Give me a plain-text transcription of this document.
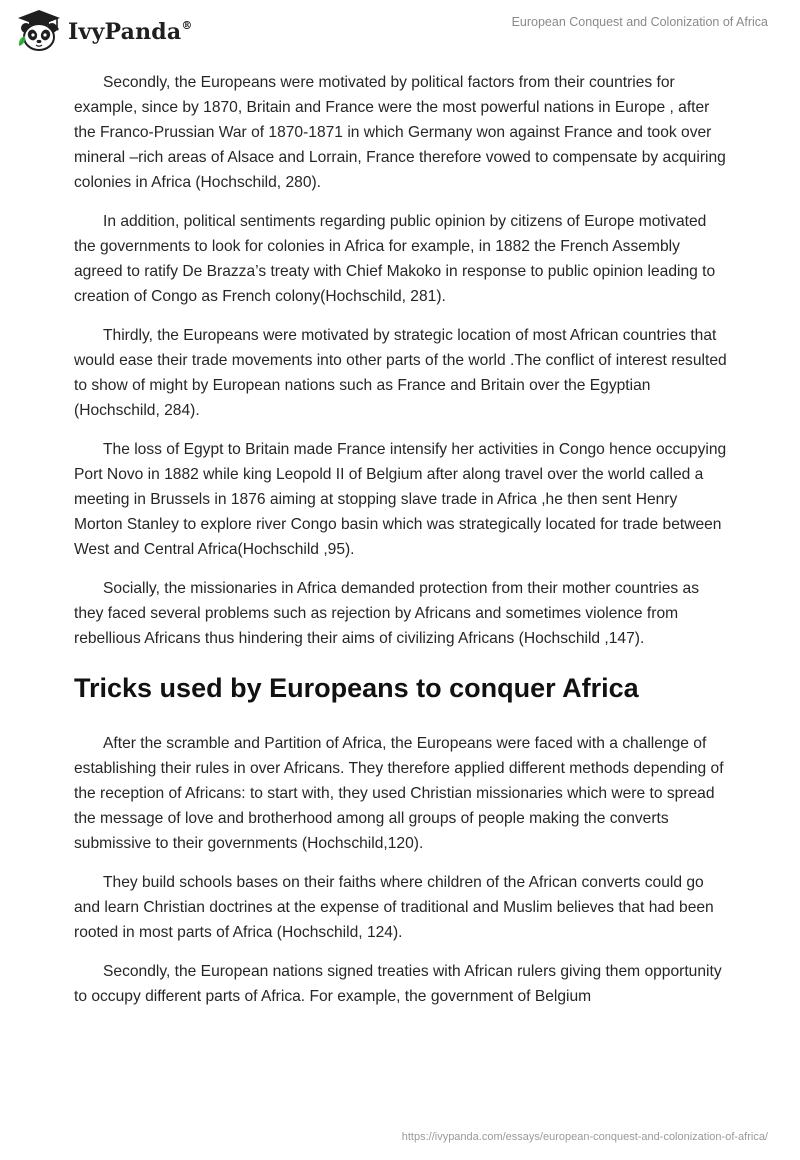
IvyPanda®	European Conquest and Colonization of Africa

Secondly, the Europeans were motivated by political factors from their countries for example, since by 1870, Britain and France were the most powerful nations in Europe , after the Franco-Prussian War of 1870-1871 in which Germany won against France and took over mineral –rich areas of Alsace and Lorrain, France therefore vowed to compensate by acquiring colonies in Africa (Hochschild, 280).

In addition, political sentiments regarding public opinion by citizens of Europe motivated the governments to look for colonies in Africa for example, in 1882 the French Assembly agreed to ratify De Brazza’s treaty with Chief Makoko in response to public opinion leading to creation of Congo as French colony(Hochschild, 281).

Thirdly, the Europeans were motivated by strategic location of most African countries that would ease their trade movements into other parts of the world .The conflict of interest resulted to show of might by European nations such as France and Britain over the Egyptian (Hochschild, 284).

The loss of Egypt to Britain made France intensify her activities in Congo hence occupying Port Novo in 1882 while king Leopold II of Belgium after along travel over the world called a meeting in Brussels in 1876 aiming at stopping slave trade in Africa ,he then sent Henry Morton Stanley to explore river Congo basin which was strategically located for trade between West and Central Africa(Hochschild ,95).

Socially, the missionaries in Africa demanded protection from their mother countries as they faced several problems such as rejection by Africans and sometimes violence from rebellious Africans thus hindering their aims of civilizing Africans (Hochschild ,147).

Tricks used by Europeans to conquer Africa

After the scramble and Partition of Africa, the Europeans were faced with a challenge of establishing their rules in over Africans. They therefore applied different methods depending of the reception of Africans: to start with, they used Christian missionaries which were to spread the message of love and brotherhood among all groups of people making the converts submissive to their governments (Hochschild,120).

They build schools bases on their faiths where children of the African converts could go and learn Christian doctrines at the expense of traditional and Muslim believes that had been rooted in most parts of Africa (Hochschild, 124).

Secondly, the European nations signed treaties with African rulers giving them opportunity to occupy different parts of Africa. For example, the government of Belgium

https://ivypanda.com/essays/european-conquest-and-colonization-of-africa/
